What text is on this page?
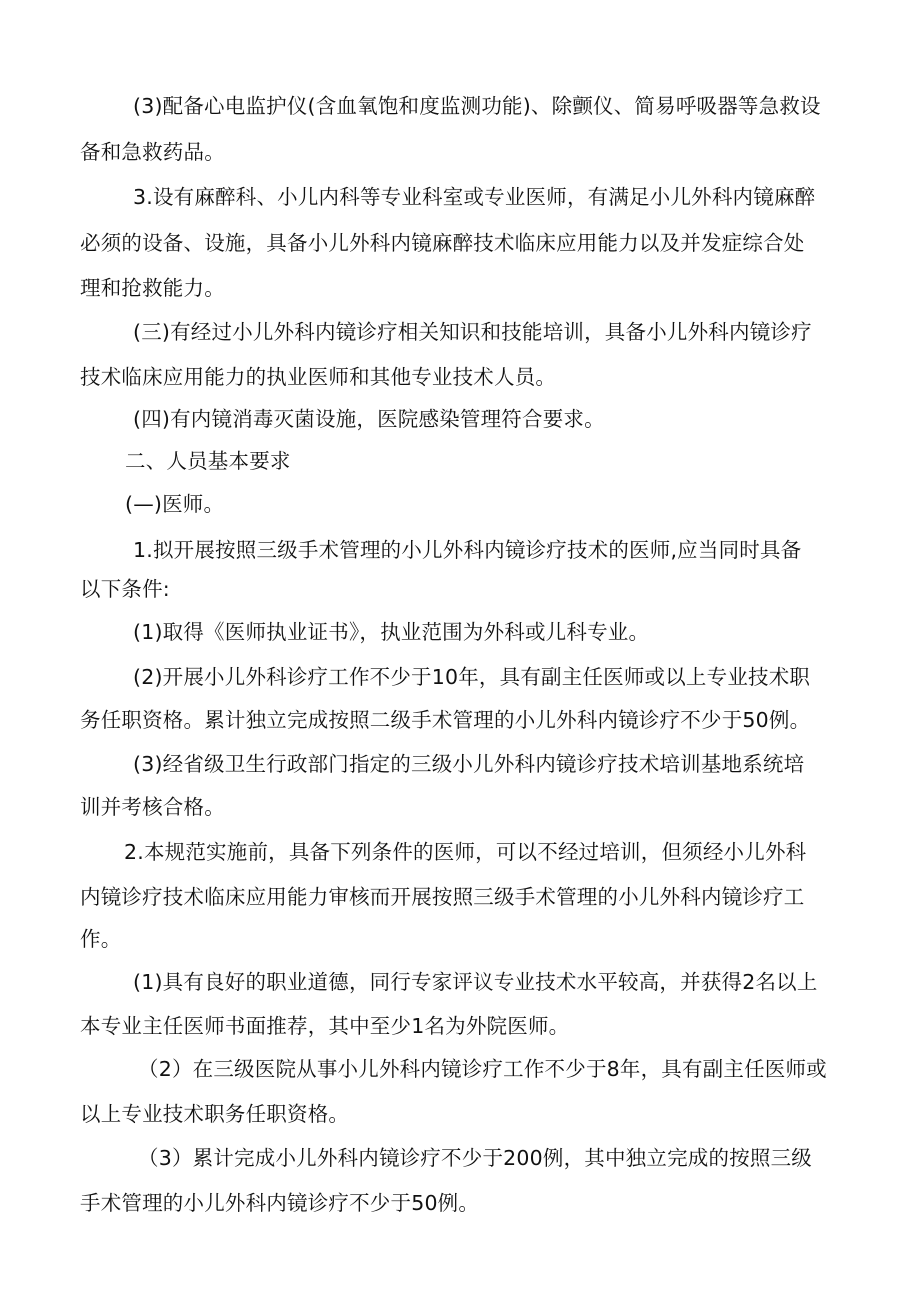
(3)配备心电监护仪(含血氧饱和度监测功能)、除颤仪、简易呼吸器等急救设
备和急救药品。
3.设有麻醉科、小儿内科等专业科室或专业医师，有满足小儿外科内镜麻醉
必须的设备、设施，具备小儿外科内镜麻醉技术临床应用能力以及并发症综合处
理和抢救能力。
(三)有经过小儿外科内镜诊疗相关知识和技能培训，具备小儿外科内镜诊疗
技术临床应用能力的执业医师和其他专业技术人员。
(四)有内镜消毒灭菌设施，医院感染管理符合要求。
二、人员基本要求
(—)医师。
1.拟开展按照三级手术管理的小儿外科内镜诊疗技术的医师,应当同时具备
以下条件:
(1)取得《医师执业证书》，执业范围为外科或儿科专业。
(2)开展小儿外科诊疗工作不少于10年，具有副主任医师或以上专业技术职
务任职资格。累计独立完成按照二级手术管理的小儿外科内镜诊疗不少于50例。
(3)经省级卫生行政部门指定的三级小儿外科内镜诊疗技术培训基地系统培
训并考核合格。
2.本规范实施前，具备下列条件的医师，可以不经过培训，但须经小儿外科
内镜诊疗技术临床应用能力审核而开展按照三级手术管理的小儿外科内镜诊疗工
作。
(1)具有良好的职业道德，同行专家评议专业技术水平较高，并获得2名以上
本专业主任医师书面推荐，其中至少1名为外院医师。
（2）在三级医院从事小儿外科内镜诊疗工作不少于8年，具有副主任医师或
以上专业技术职务任职资格。
（3）累计完成小儿外科内镜诊疗不少于200例，其中独立完成的按照三级
手术管理的小儿外科内镜诊疗不少于50例。
